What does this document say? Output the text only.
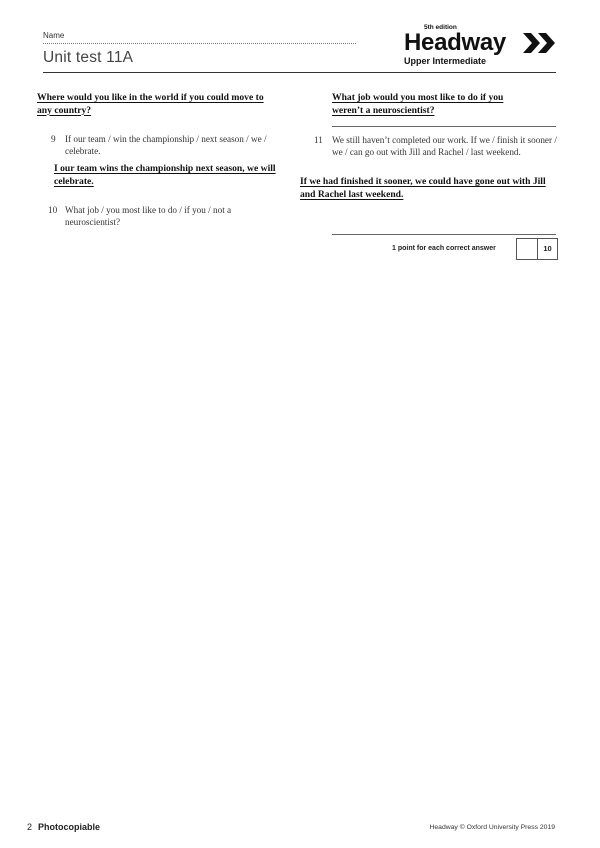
Name
Unit test 11A
5th edition
Headway
Upper Intermediate
Where would you like in the world if you could move to any country?
9 If our team / win the championship / next season / we / celebrate.
I our team wins the championship next season, we will celebrate.
10 What job / you most like to do / if you / not a neuroscientist?
What job would you most like to do if you weren’t a neuroscientist?
11 We still haven’t completed our work. If we / finish it sooner / we / can go out with Jill and Rachel / last weekend.
If we had finished it sooner, we could have gone out with Jill and Rachel last weekend.
1 point for each correct answer	10
2 Photocopiable	Headway © Oxford University Press 2019
